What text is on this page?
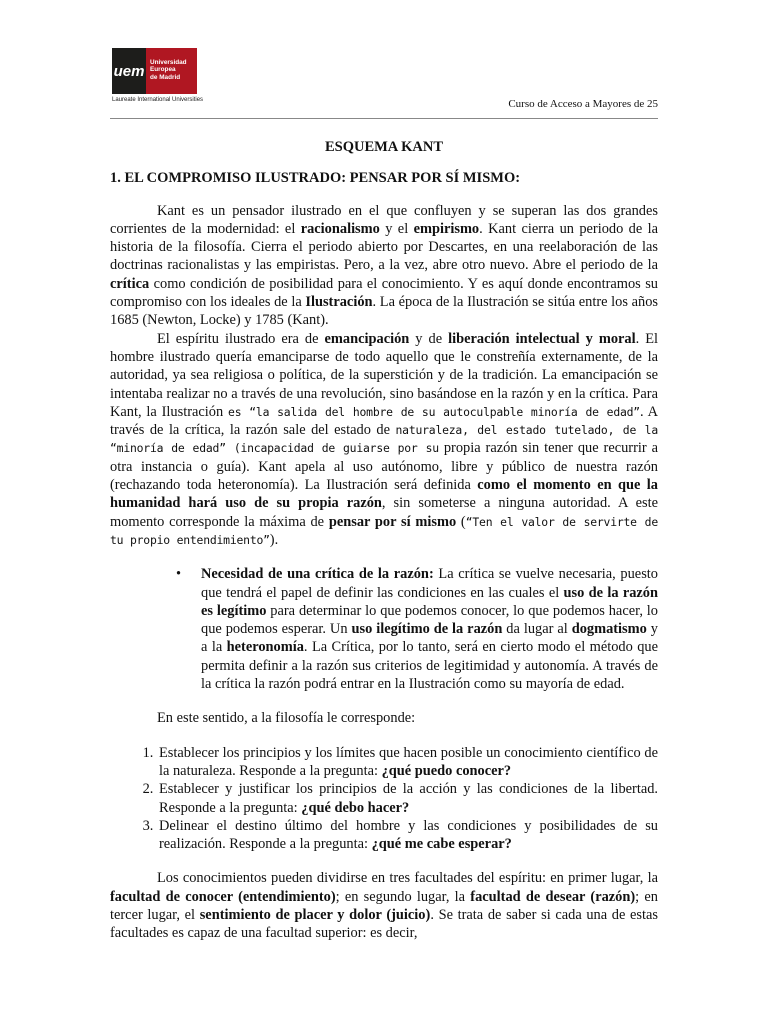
uem Universidad
Europea
de Madrid
Laureate International Universities	Curso de Acceso a Mayores de 25
ESQUEMA KANT
1. EL COMPROMISO ILUSTRADO: PENSAR POR SÍ MISMO:

Kant es un pensador ilustrado en el que confluyen y se superan las dos grandes corrientes de la modernidad: el racionalismo y el empirismo. Kant cierra un periodo de la historia de la filosofía. Cierra el periodo abierto por Descartes, en una reelaboración de las doctrinas racionalistas y las empiristas. Pero, a la vez, abre otro nuevo. Abre el periodo de la crítica como condición de posibilidad para el conocimiento. Y es aquí donde encontramos su compromiso con los ideales de la Ilustración. La época de la Ilustración se sitúa entre los años 1685 (Newton, Locke) y 1785 (Kant).

El espíritu ilustrado era de emancipación y de liberación intelectual y moral. El hombre ilustrado quería emanciparse de todo aquello que le constreñía externamente, de la autoridad, ya sea religiosa o política, de la superstición y de la tradición. La emancipación se intentaba realizar no a través de una revolución, sino basándose en la razón y en la crítica. Para Kant, la Ilustración es “la salida del hombre de su autoculpable minoría de edad”. A través de la crítica, la razón sale del estado de naturaleza, del estado tutelado, de la “minoría de edad” (incapacidad de guiarse por su propia razón sin tener que recurrir a otra instancia o guía). Kant apela al uso autónomo, libre y público de nuestra razón (rechazando toda heteronomía). La Ilustración será definida como el momento en que la humanidad hará uso de su propia razón, sin someterse a ninguna autoridad. A este momento corresponde la máxima de pensar por sí mismo (“Ten el valor de servirte de tu propio entendimiento”).

• Necesidad de una crítica de la razón: La crítica se vuelve necesaria, puesto que tendrá el papel de definir las condiciones en las cuales el uso de la razón es legítimo para determinar lo que podemos conocer, lo que podemos hacer, lo que podemos esperar. Un uso ilegítimo de la razón da lugar al dogmatismo y a la heteronomía. La Crítica, por lo tanto, será en cierto modo el método que permita definir a la razón sus criterios de legitimidad y autonomía. A través de la crítica la razón podrá entrar en la Ilustración como su mayoría de edad.

En este sentido, a la filosofía le corresponde:

1. Establecer los principios y los límites que hacen posible un conocimiento científico de la naturaleza. Responde a la pregunta: ¿qué puedo conocer?
2. Establecer y justificar los principios de la acción y las condiciones de la libertad. Responde a la pregunta: ¿qué debo hacer?
3. Delinear el destino último del hombre y las condiciones y posibilidades de su realización. Responde a la pregunta: ¿qué me cabe esperar?

Los conocimientos pueden dividirse en tres facultades del espíritu: en primer lugar, la facultad de conocer (entendimiento); en segundo lugar, la facultad de desear (razón); en tercer lugar, el sentimiento de placer y dolor (juicio). Se trata de saber si cada una de estas facultades es capaz de una facultad superior: es decir,
